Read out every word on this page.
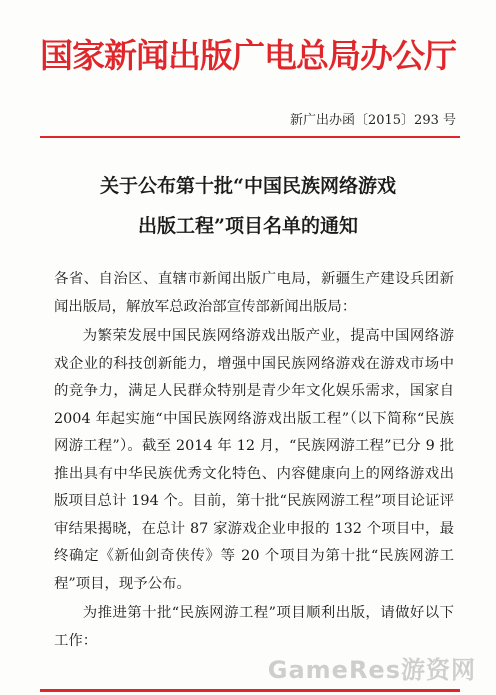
国家新闻出版广电总局办公厅
新广出办函〔2015〕293 号
关于公布第十批“中国民族网络游戏
出版工程”项目名单的通知
各省、自治区、直辖市新闻出版广电局，新疆生产建设兵团新闻出版局，解放军总政治部宣传部新闻出版局：
为繁荣发展中国民族网络游戏出版产业，提高中国网络游戏企业的科技创新能力，增强中国民族网络游戏在游戏市场中的竞争力，满足人民群众特别是青少年文化娱乐需求，国家自 2004 年起实施“中国民族网络游戏出版工程”（以下简称“民族网游工程”）。截至 2014 年 12 月，“民族网游工程”已分 9 批推出具有中华民族优秀文化特色、内容健康向上的网络游戏出版项目总计 194 个。目前，第十批“民族网游工程”项目论证评审结果揭晓，在总计 87 家游戏企业申报的 132 个项目中，最终确定《新仙剑奇侠传》等 20 个项目为第十批“民族网游工程”项目，现予公布。
为推进第十批“民族网游工程”项目顺利出版，请做好以下工作：
GameRes游资网
